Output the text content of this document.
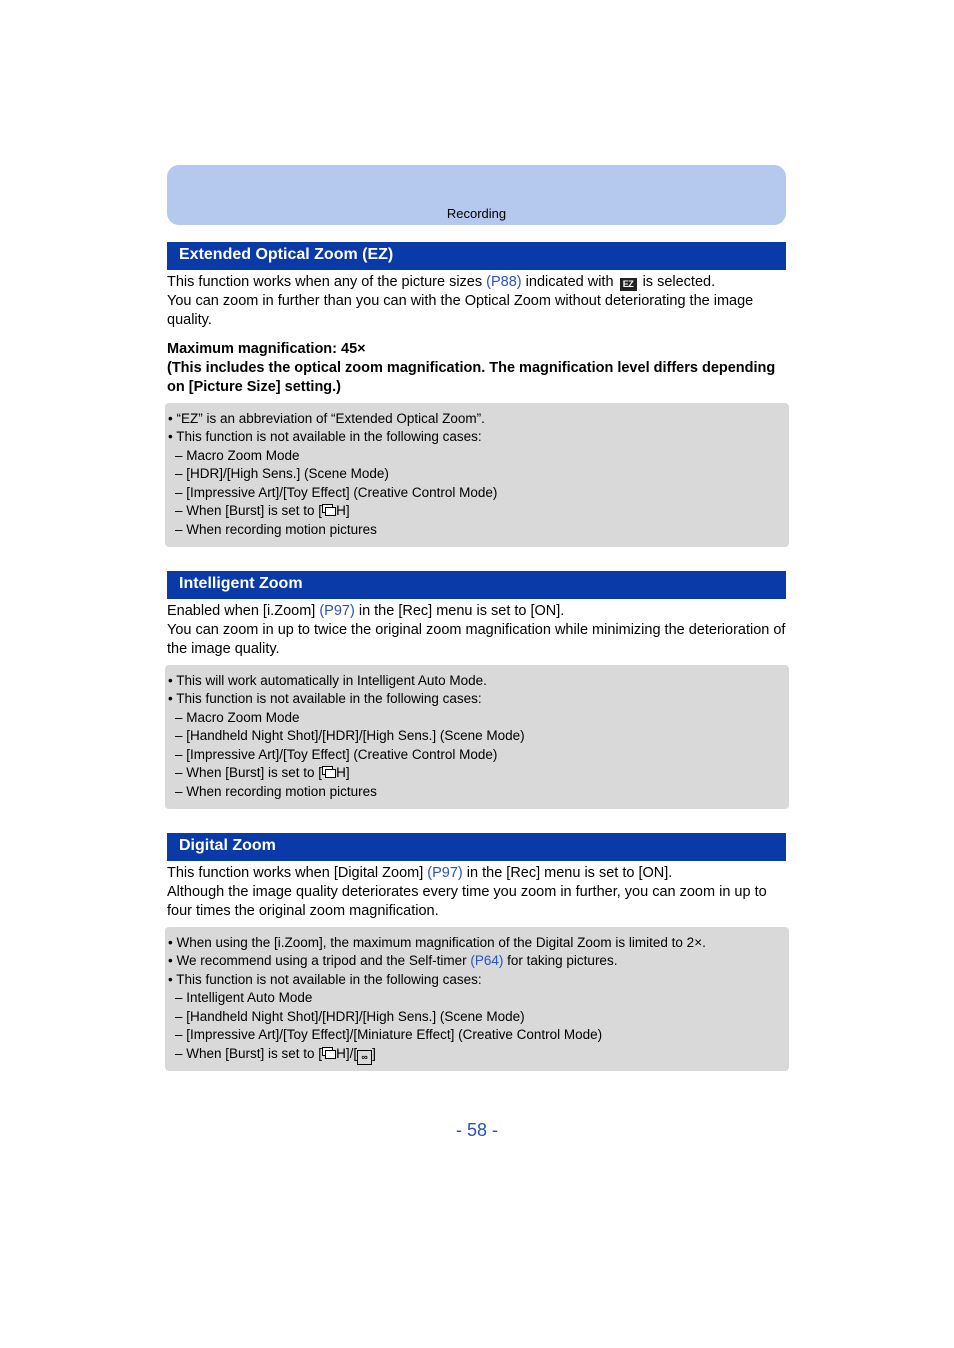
Recording
Extended Optical Zoom (EZ)

This function works when any of the picture sizes (P88) indicated with EZ is selected.

You can zoom in further than you can with the Optical Zoom without deteriorating the image quality.

Maximum magnification: 45×

(This includes the optical zoom magnification. The magnification level differs depending on [Picture Size] setting.)

• “EZ” is an abbreviation of “Extended Optical Zoom”.
• This function is not available in the following cases:
– Macro Zoom Mode
– [HDR]/[High Sens.] (Scene Mode)
– [Impressive Art]/[Toy Effect] (Creative Control Mode)
– When [Burst] is set to [ H]
– When recording motion pictures
Intelligent Zoom

Enabled when [i.Zoom] (P97) in the [Rec] menu is set to [ON].

You can zoom in up to twice the original zoom magnification while minimizing the deterioration of the image quality.

• This will work automatically in Intelligent Auto Mode.
• This function is not available in the following cases:
– Macro Zoom Mode
– [Handheld Night Shot]/[HDR]/[High Sens.] (Scene Mode)
– [Impressive Art]/[Toy Effect] (Creative Control Mode)
– When [Burst] is set to [ H]
– When recording motion pictures
Digital Zoom

This function works when [Digital Zoom] (P97) in the [Rec] menu is set to [ON].

Although the image quality deteriorates every time you zoom in further, you can zoom in up to four times the original zoom magnification.

• When using the [i.Zoom], the maximum magnification of the Digital Zoom is limited to 2×.
• We recommend using a tripod and the Self-timer (P64) for taking pictures.
• This function is not available in the following cases:
– Intelligent Auto Mode
– [Handheld Night Shot]/[HDR]/[High Sens.] (Scene Mode)
– [Impressive Art]/[Toy Effect]/[Miniature Effect] (Creative Control Mode)
– When [Burst] is set to [ H]/[ ∞ ]
- 58 -
